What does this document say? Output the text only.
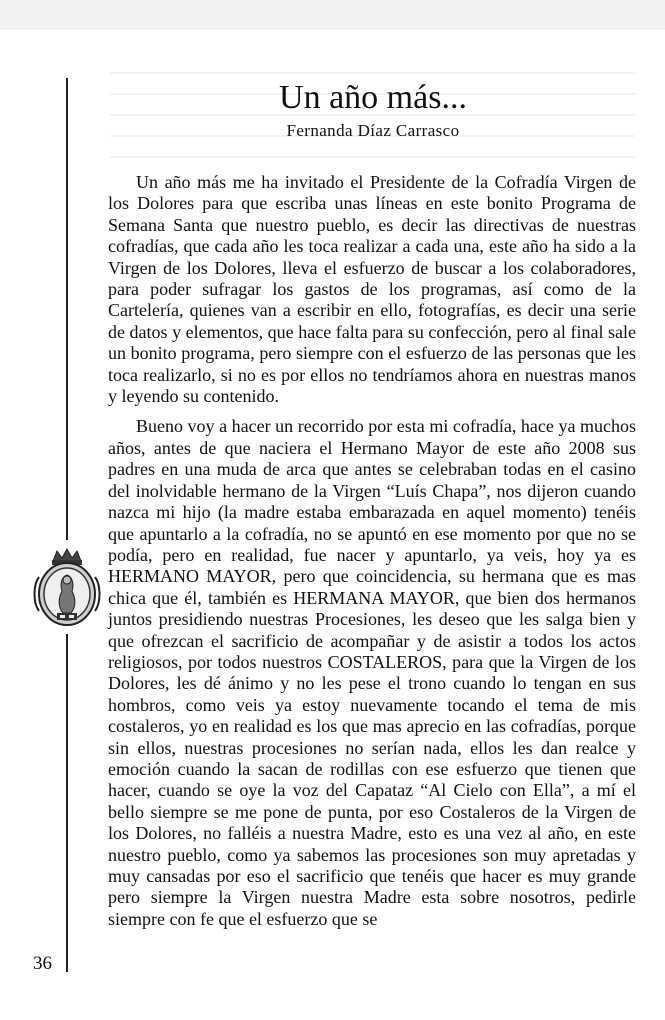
Un año más...
Fernanda Díaz Carrasco

Un año más me ha invitado el Presidente de la Cofradía Virgen de los Dolores para que escriba unas líneas en este bonito Programa de Semana Santa que nuestro pueblo, es decir las directivas de nuestras cofradías, que cada año les toca realizar a cada una, este año ha sido a la Virgen de los Dolores, lleva el esfuerzo de buscar a los colaboradores, para poder sufragar los gastos de los programas, así como de la Cartelería, quienes van a escribir en ello, fotografías, es decir una serie de datos y elementos, que hace falta para su confección, pero al final sale un bonito programa, pero siempre con el esfuerzo de las personas que les toca realizarlo, si no es por ellos no tendríamos ahora en nuestras manos y leyendo su contenido.

Bueno voy a hacer un recorrido por esta mi cofradía, hace ya muchos años, antes de que naciera el Hermano Mayor de este año 2008 sus padres en una muda de arca que antes se celebraban todas en el casino del inolvidable hermano de la Virgen “Luís Chapa”, nos dijeron cuando nazca mi hijo (la madre estaba embarazada en aquel momento) tenéis que apuntarlo a la cofradía, no se apuntó en ese momento por que no se podía, pero en realidad, fue nacer y apuntarlo, ya veis, hoy ya es HERMANO MAYOR, pero que coincidencia, su hermana que es mas chica que él, también es HERMANA MAYOR, que bien dos hermanos juntos presidiendo nuestras Procesiones, les deseo que les salga bien y que ofrezcan el sacrificio de acompañar y de asistir a todos los actos religiosos, por todos nuestros COSTALEROS, para que la Virgen de los Dolores, les dé ánimo y no les pese el trono cuando lo tengan en sus hombros, como veis ya estoy nuevamente tocando el tema de mis costaleros, yo en realidad es los que mas aprecio en las cofradías, porque sin ellos, nuestras procesiones no serían nada, ellos les dan realce y emoción cuando la sacan de rodillas con ese esfuerzo que tienen que hacer, cuando se oye la voz del Capataz “Al Cielo con Ella”, a mí el bello siempre se me pone de punta, por eso Costaleros de la Virgen de los Dolores, no falléis a nuestra Madre, esto es una vez al año, en este nuestro pueblo, como ya sabemos las procesiones son muy apretadas y muy cansadas por eso el sacrificio que tenéis que hacer es muy grande pero siempre la Virgen nuestra Madre esta sobre nosotros, pedirle siempre con fe que el esfuerzo que se

36
